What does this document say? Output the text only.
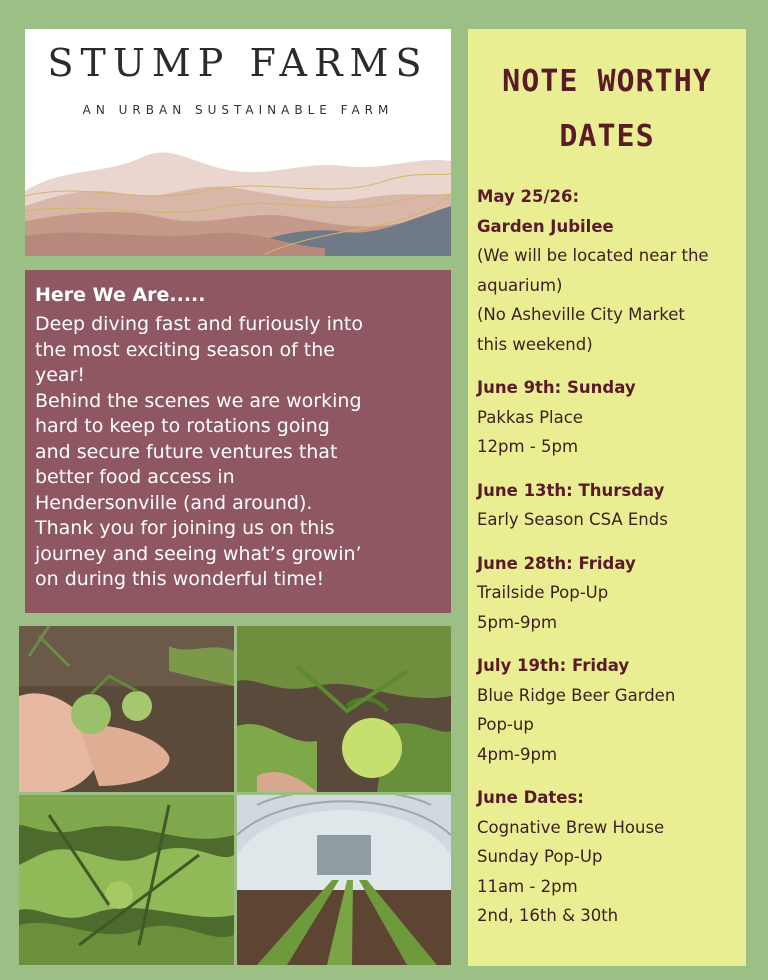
STUMP FARMS
AN URBAN SUSTAINABLE FARM
Here We Are.....
Deep diving fast and furiously into
the most exciting season of the
year!
Behind the scenes we are working
hard to keep to rotations going
and secure future ventures that
better food access in
Hendersonville (and around).
Thank you for joining us on this
journey and seeing what’s growin’
on during this wonderful time!
NOTE WORTHY
DATES
May 25/26:
Garden Jubilee
(We will be located near the
aquarium)
(No Asheville City Market
this weekend)
June 9th: Sunday
Pakkas Place
12pm - 5pm
June 13th: Thursday
Early Season CSA Ends
June 28th: Friday
Trailside Pop-Up
5pm-9pm
July 19th: Friday
Blue Ridge Beer Garden
Pop-up
4pm-9pm
June Dates:
Cognative Brew House
Sunday Pop-Up
11am - 2pm
2nd, 16th & 30th
